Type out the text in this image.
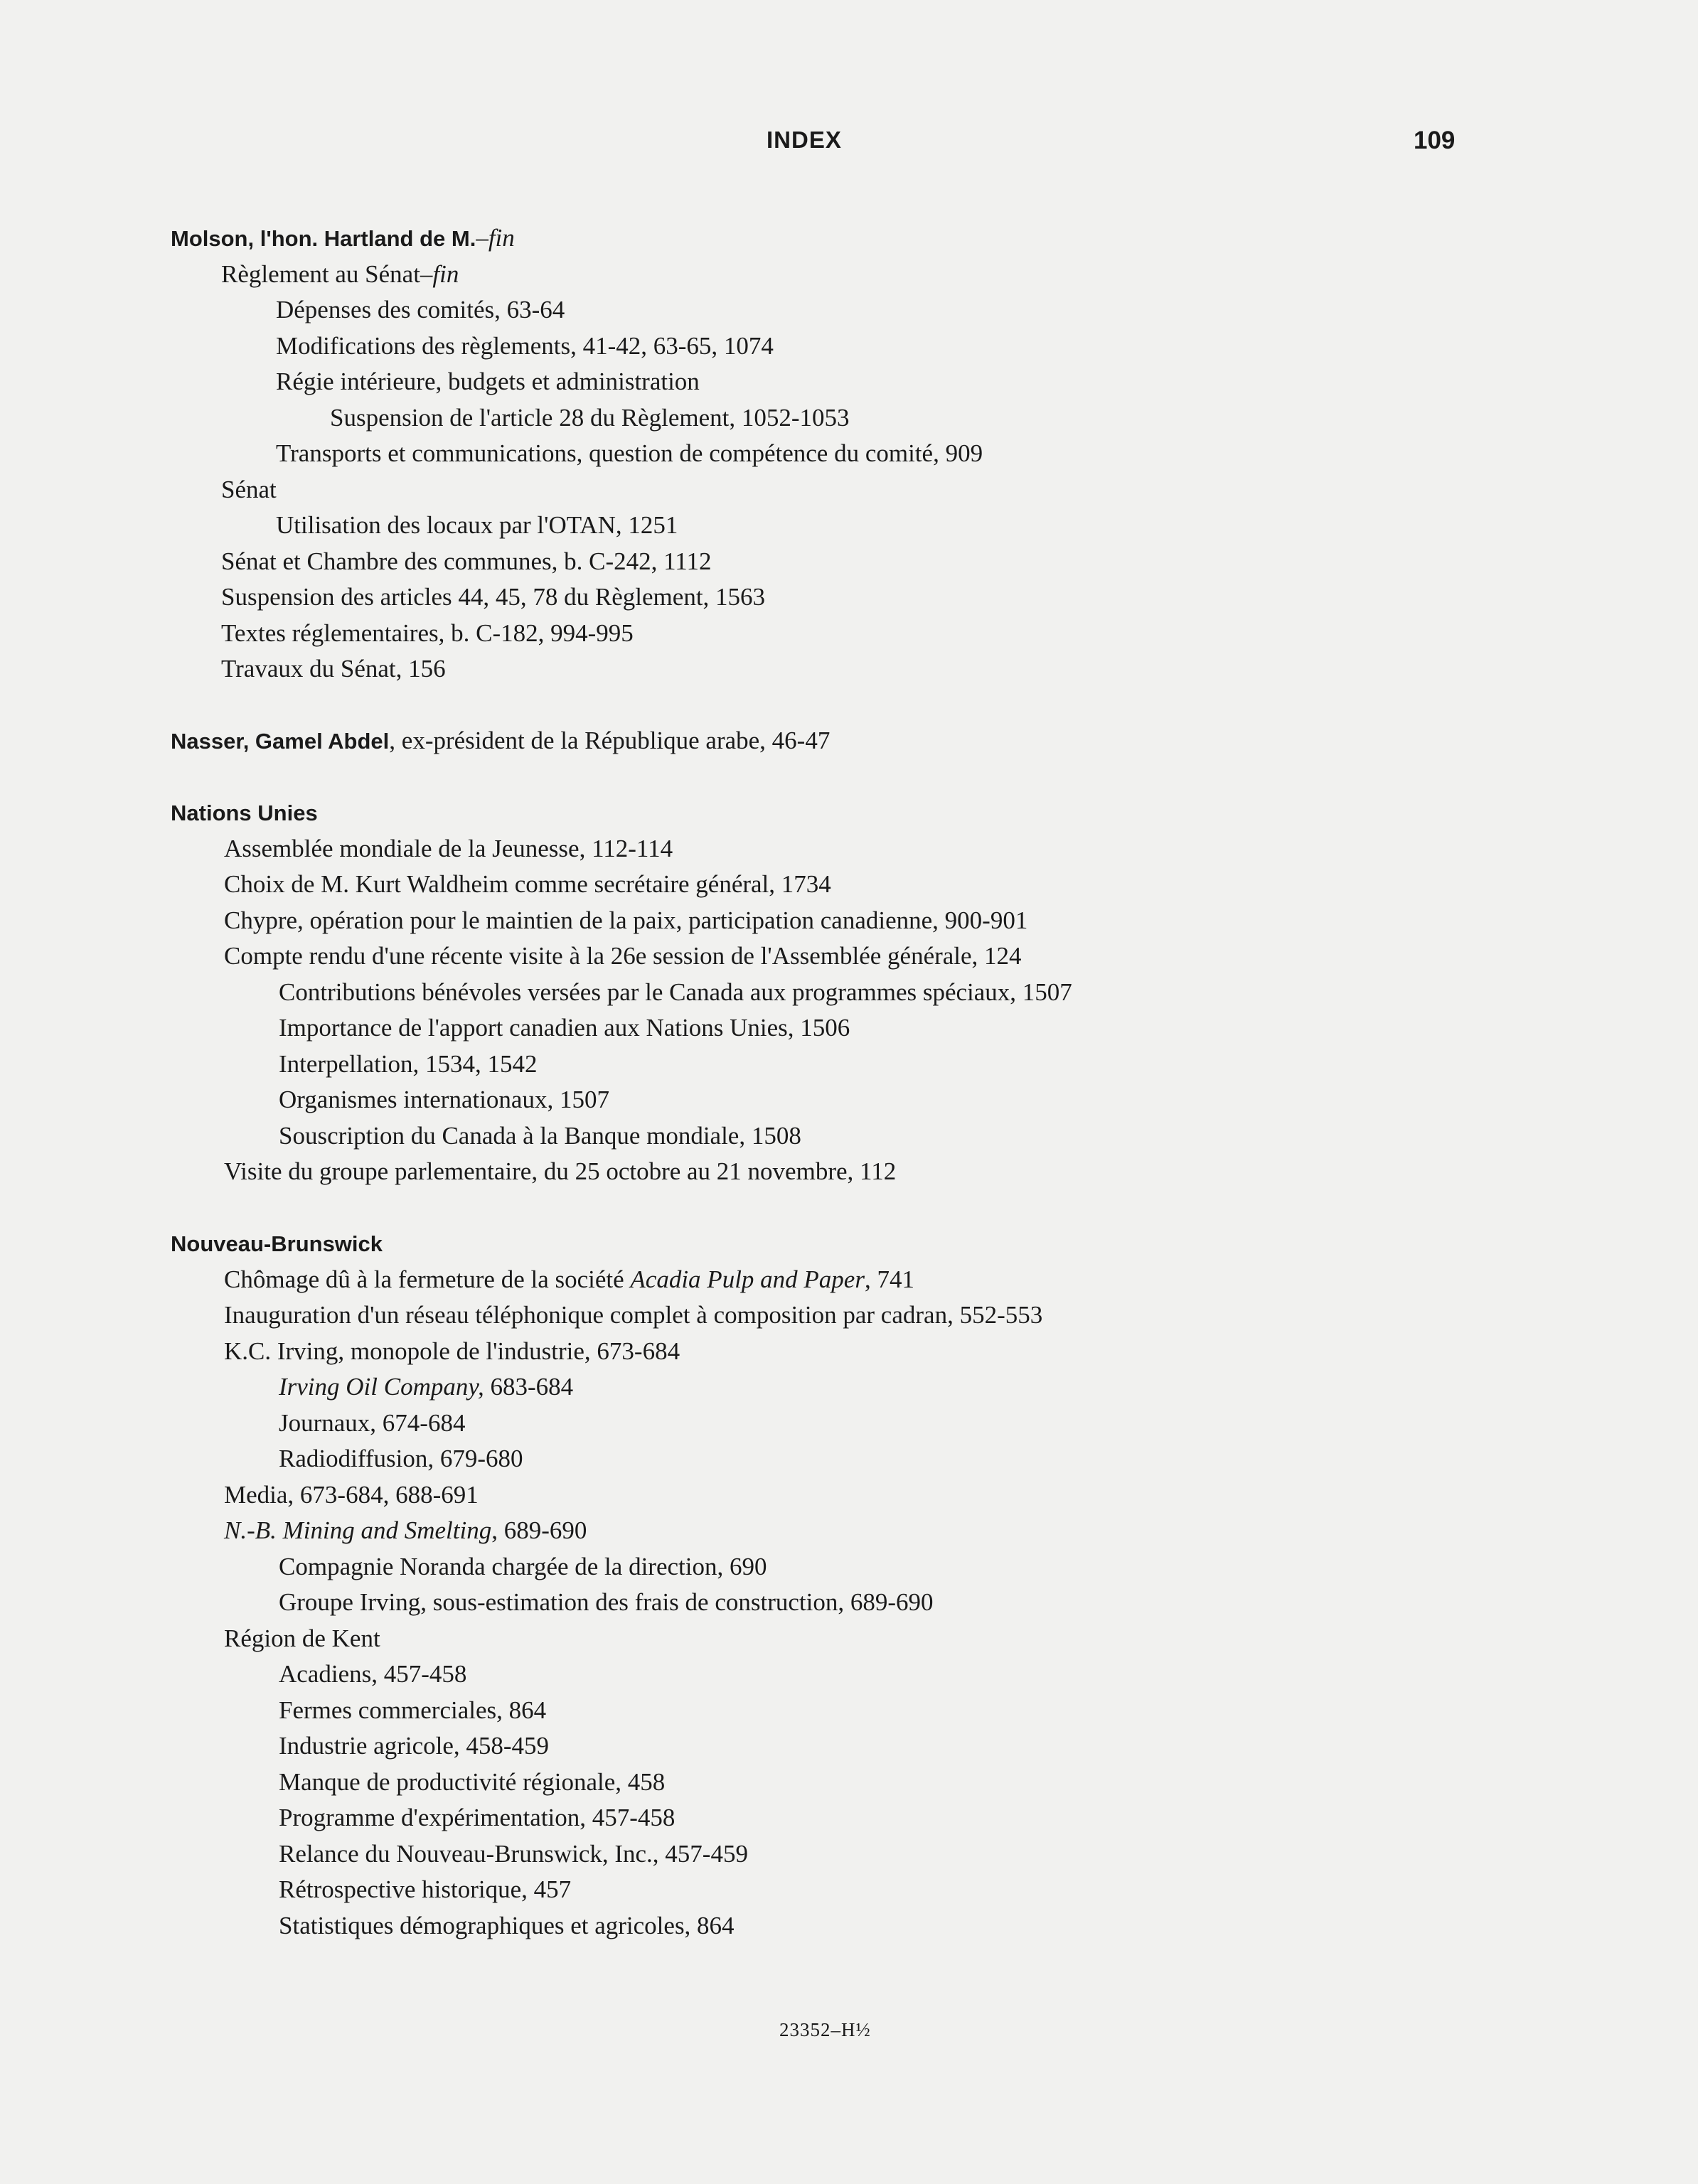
INDEX	109
Molson, l'hon. Hartland de M.–fin
Règlement au Sénat–fin
Dépenses des comités, 63-64
Modifications des règlements, 41-42, 63-65, 1074
Régie intérieure, budgets et administration
Suspension de l'article 28 du Règlement, 1052-1053
Transports et communications, question de compétence du comité, 909
Sénat
Utilisation des locaux par l'OTAN, 1251
Sénat et Chambre des communes, b. C-242, 1112
Suspension des articles 44, 45, 78 du Règlement, 1563
Textes réglementaires, b. C-182, 994-995
Travaux du Sénat, 156
Nasser, Gamel Abdel, ex-président de la République arabe, 46-47
Nations Unies
Assemblée mondiale de la Jeunesse, 112-114
Choix de M. Kurt Waldheim comme secrétaire général, 1734
Chypre, opération pour le maintien de la paix, participation canadienne, 900-901
Compte rendu d'une récente visite à la 26e session de l'Assemblée générale, 124
Contributions bénévoles versées par le Canada aux programmes spéciaux, 1507
Importance de l'apport canadien aux Nations Unies, 1506
Interpellation, 1534, 1542
Organismes internationaux, 1507
Souscription du Canada à la Banque mondiale, 1508
Visite du groupe parlementaire, du 25 octobre au 21 novembre, 112
Nouveau-Brunswick
Chômage dû à la fermeture de la société Acadia Pulp and Paper, 741
Inauguration d'un réseau téléphonique complet à composition par cadran, 552-553
K.C. Irving, monopole de l'industrie, 673-684
Irving Oil Company, 683-684
Journaux, 674-684
Radiodiffusion, 679-680
Media, 673-684, 688-691
N.-B. Mining and Smelting, 689-690
Compagnie Noranda chargée de la direction, 690
Groupe Irving, sous-estimation des frais de construction, 689-690
Région de Kent
Acadiens, 457-458
Fermes commerciales, 864
Industrie agricole, 458-459
Manque de productivité régionale, 458
Programme d'expérimentation, 457-458
Relance du Nouveau-Brunswick, Inc., 457-459
Rétrospective historique, 457
Statistiques démographiques et agricoles, 864
23352–H½
